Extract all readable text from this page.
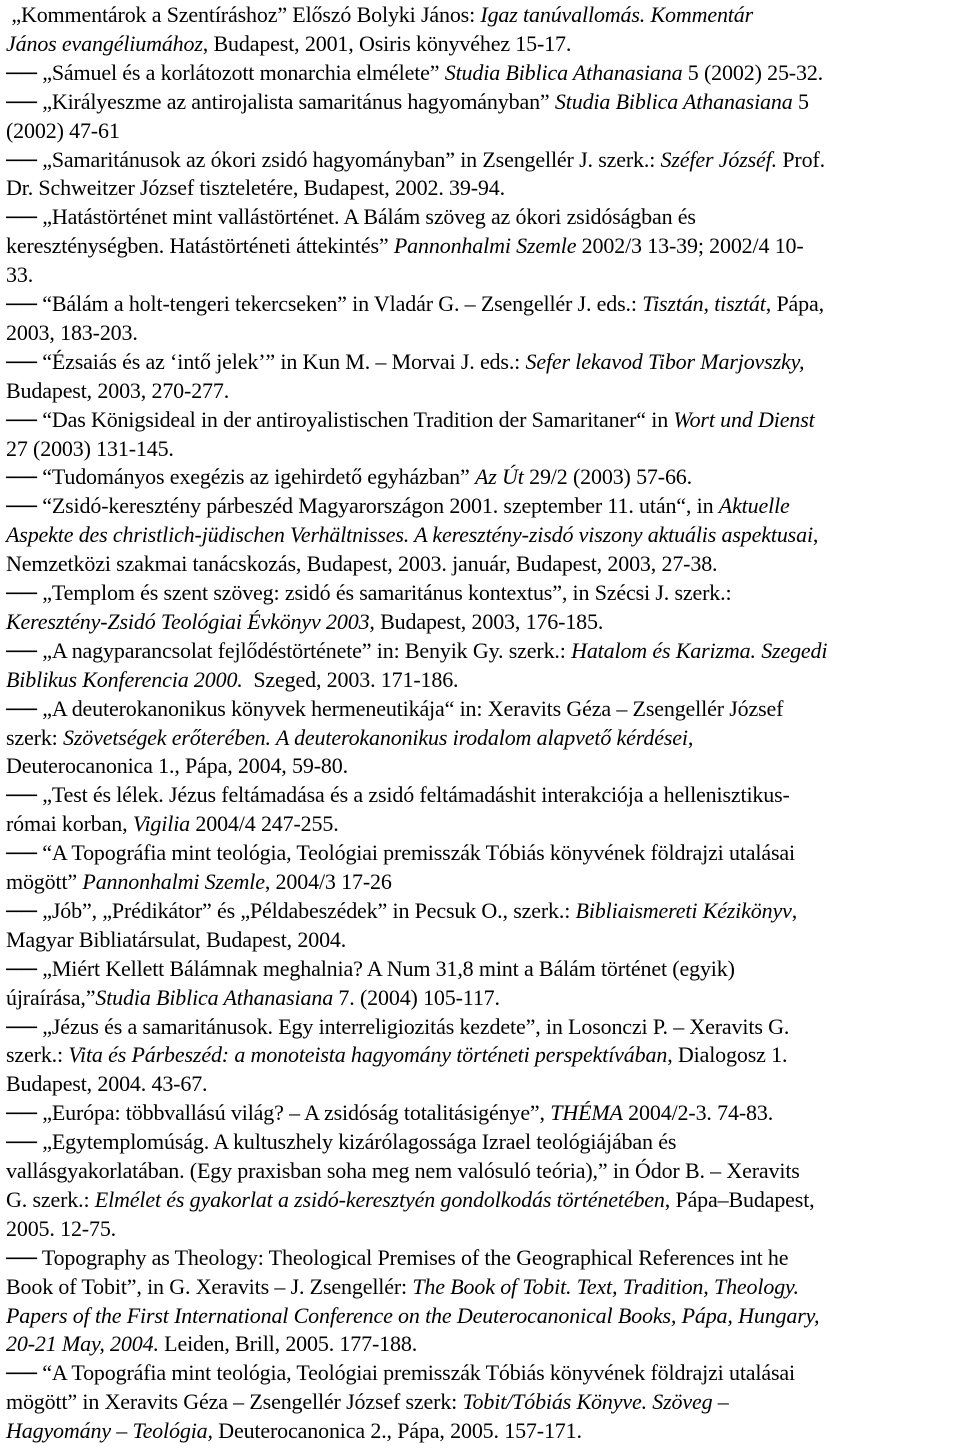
„Kommentárok a Szentíráshoz” Előszó Bolyki János: Igaz tanúvallomás. Kommentár
János evangéliumához, Budapest, 2001, Osiris könyvéhez 15-17.
── „Sámuel és a korlátozott monarchia elmélete” Studia Biblica Athanasiana 5 (2002) 25-32.
── „Királyeszme az antirojalista samaritánus hagyományban” Studia Biblica Athanasiana 5
(2002) 47-61
── „Samaritánusok az ókori zsidó hagyományban” in Zsengellér J. szerk.: Széfer Józséf. Prof.
Dr. Schweitzer József tiszteletére, Budapest, 2002. 39-94.
── „Hatástörténet mint vallástörténet. A Bálám szöveg az ókori zsidóságban és
kereszténységben. Hatástörténeti áttekintés” Pannonhalmi Szemle 2002/3 13-39; 2002/4 10-
33.
── “Bálám a holt-tengeri tekercseken” in Vladár G. – Zsengellér J. eds.: Tisztán, tisztát, Pápa,
2003, 183-203.
── “Ézsaiás és az ‘intő jelek’” in Kun M. – Morvai J. eds.: Sefer lekavod Tibor Marjovszky,
Budapest, 2003, 270-277.
── “Das Königsideal in der antiroyalistischen Tradition der Samaritaner“ in Wort und Dienst
27 (2003) 131-145.
── “Tudományos exegézis az igehirdető egyházban” Az Út 29/2 (2003) 57-66.
── “Zsidó-keresztény párbeszéd Magyarországon 2001. szeptember 11. után“, in Aktuelle
Aspekte des christlich-jüdischen Verhältnisses. A keresztény-zisdó viszony aktuális aspektusai,
Nemzetközi szakmai tanácskozás, Budapest, 2003. január, Budapest, 2003, 27-38.
── „Templom és szent szöveg: zsidó és samaritánus kontextus”, in Szécsi J. szerk.:
Keresztény-Zsidó Teológiai Évkönyv 2003, Budapest, 2003, 176-185.
── „A nagyparancsolat fejlődéstörténete” in: Benyik Gy. szerk.: Hatalom és Karizma. Szegedi
Biblikus Konferencia 2000.  Szeged, 2003. 171-186.
── „A deuterokanonikus könyvek hermeneutikája“ in: Xeravits Géza – Zsengellér József
szerk: Szövetségek erőterében. A deuterokanonikus irodalom alapvető kérdései,
Deuterocanonica 1., Pápa, 2004, 59-80.
── „Test és lélek. Jézus feltámadása és a zsidó feltámadáshit interakciója a hellenisztikus-
római korban, Vigilia 2004/4 247-255.
── “A Topográfia mint teológia, Teológiai premisszák Tóbiás könyvének földrajzi utalásai
mögött” Pannonhalmi Szemle, 2004/3 17-26
── „Jób”, „Prédikátor” és „Példabeszédek” in Pecsuk O., szerk.: Bibliaismereti Kézikönyv,
Magyar Bibliatársulat, Budapest, 2004.
── „Miért Kellett Bálámnak meghalnia? A Num 31,8 mint a Bálám történet (egyik)
újraírása,”Studia Biblica Athanasiana 7. (2004) 105-117.
── „Jézus és a samaritánusok. Egy interreligiozitás kezdete”, in Losonczi P. – Xeravits G.
szerk.: Vita és Párbeszéd: a monoteista hagyomány történeti perspektívában, Dialogosz 1.
Budapest, 2004. 43-67.
── „Európa: többvallású világ? – A zsidóság totalitásigénye”, THÉMA 2004/2-3. 74-83.
── „Egytemplomúság. A kultuszhely kizárólagossága Izrael teológiájában és
vallásgyakorlatában. (Egy praxisban soha meg nem valósuló teória),” in Ódor B. – Xeravits
G. szerk.: Elmélet és gyakorlat a zsidó-keresztyén gondolkodás történetében, Pápa–Budapest,
2005. 12-75.
── Topography as Theology: Theological Premises of the Geographical References int he
Book of Tobit”, in G. Xeravits – J. Zsengellér: The Book of Tobit. Text, Tradition, Theology.
Papers of the First International Conference on the Deuterocanonical Books, Pápa, Hungary,
20-21 May, 2004. Leiden, Brill, 2005. 177-188.
── “A Topográfia mint teológia, Teológiai premisszák Tóbiás könyvének földrajzi utalásai
mögött” in Xeravits Géza – Zsengellér József szerk: Tobit/Tóbiás Könyve. Szöveg –
Hagyomány – Teológia, Deuterocanonica 2., Pápa, 2005. 157-171.
